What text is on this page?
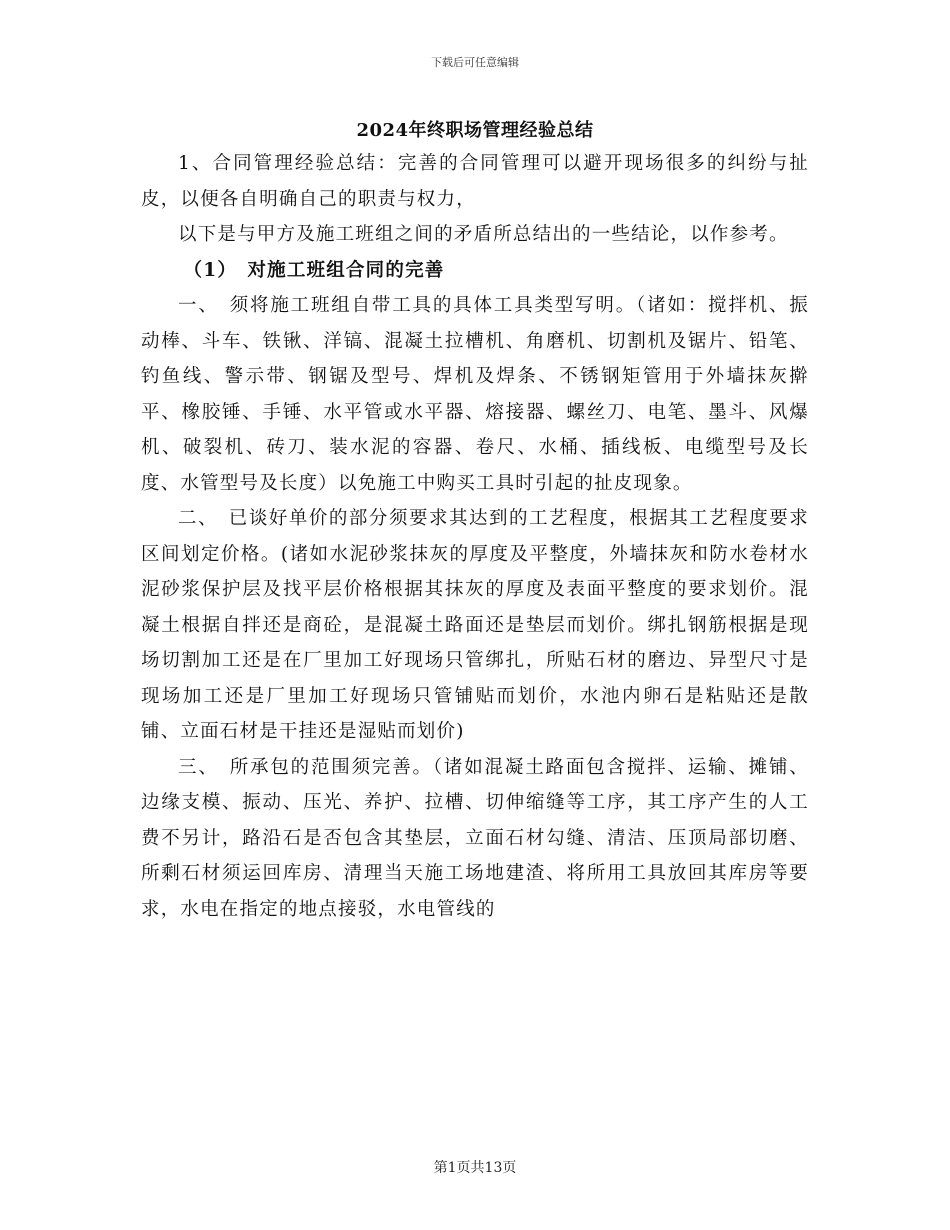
下载后可任意编辑
2024年终职场管理经验总结

1、合同管理经验总结：完善的合同管理可以避开现场很多的纠纷与扯皮，以便各自明确自己的职责与权力，

以下是与甲方及施工班组之间的矛盾所总结出的一些结论，以作参考。

（1）　对施工班组合同的完善

一、　须将施工班组自带工具的具体工具类型写明。（诸如：搅拌机、振动棒、斗车、铁锹、洋镐、混凝土拉槽机、角磨机、切割机及锯片、铅笔、钓鱼线、警示带、钢锯及型号、焊机及焊条、不锈钢矩管用于外墙抹灰擀平、橡胶锤、手锤、水平管或水平器、熔接器、螺丝刀、电笔、墨斗、风爆机、破裂机、砖刀、装水泥的容器、卷尺、水桶、插线板、电缆型号及长度、水管型号及长度）以免施工中购买工具时引起的扯皮现象。

二、　已谈好单价的部分须要求其达到的工艺程度，根据其工艺程度要求区间划定价格。(诸如水泥砂浆抹灰的厚度及平整度，外墙抹灰和防水卷材水泥砂浆保护层及找平层价格根据其抹灰的厚度及表面平整度的要求划价。混凝土根据自拌还是商砼，是混凝土路面还是垫层而划价。绑扎钢筋根据是现场切割加工还是在厂里加工好现场只管绑扎，所贴石材的磨边、异型尺寸是现场加工还是厂里加工好现场只管铺贴而划价，水池内卵石是粘贴还是散铺、立面石材是干挂还是湿贴而划价)

三、　所承包的范围须完善。（诸如混凝土路面包含搅拌、运输、摊铺、边缘支模、振动、压光、养护、拉槽、切伸缩缝等工序，其工序产生的人工费不另计，路沿石是否包含其垫层，立面石材勾缝、清洁、压顶局部切磨、所剩石材须运回库房、清理当天施工场地建渣、将所用工具放回其库房等要求，水电在指定的地点接驳，水电管线的

第1页共13页
